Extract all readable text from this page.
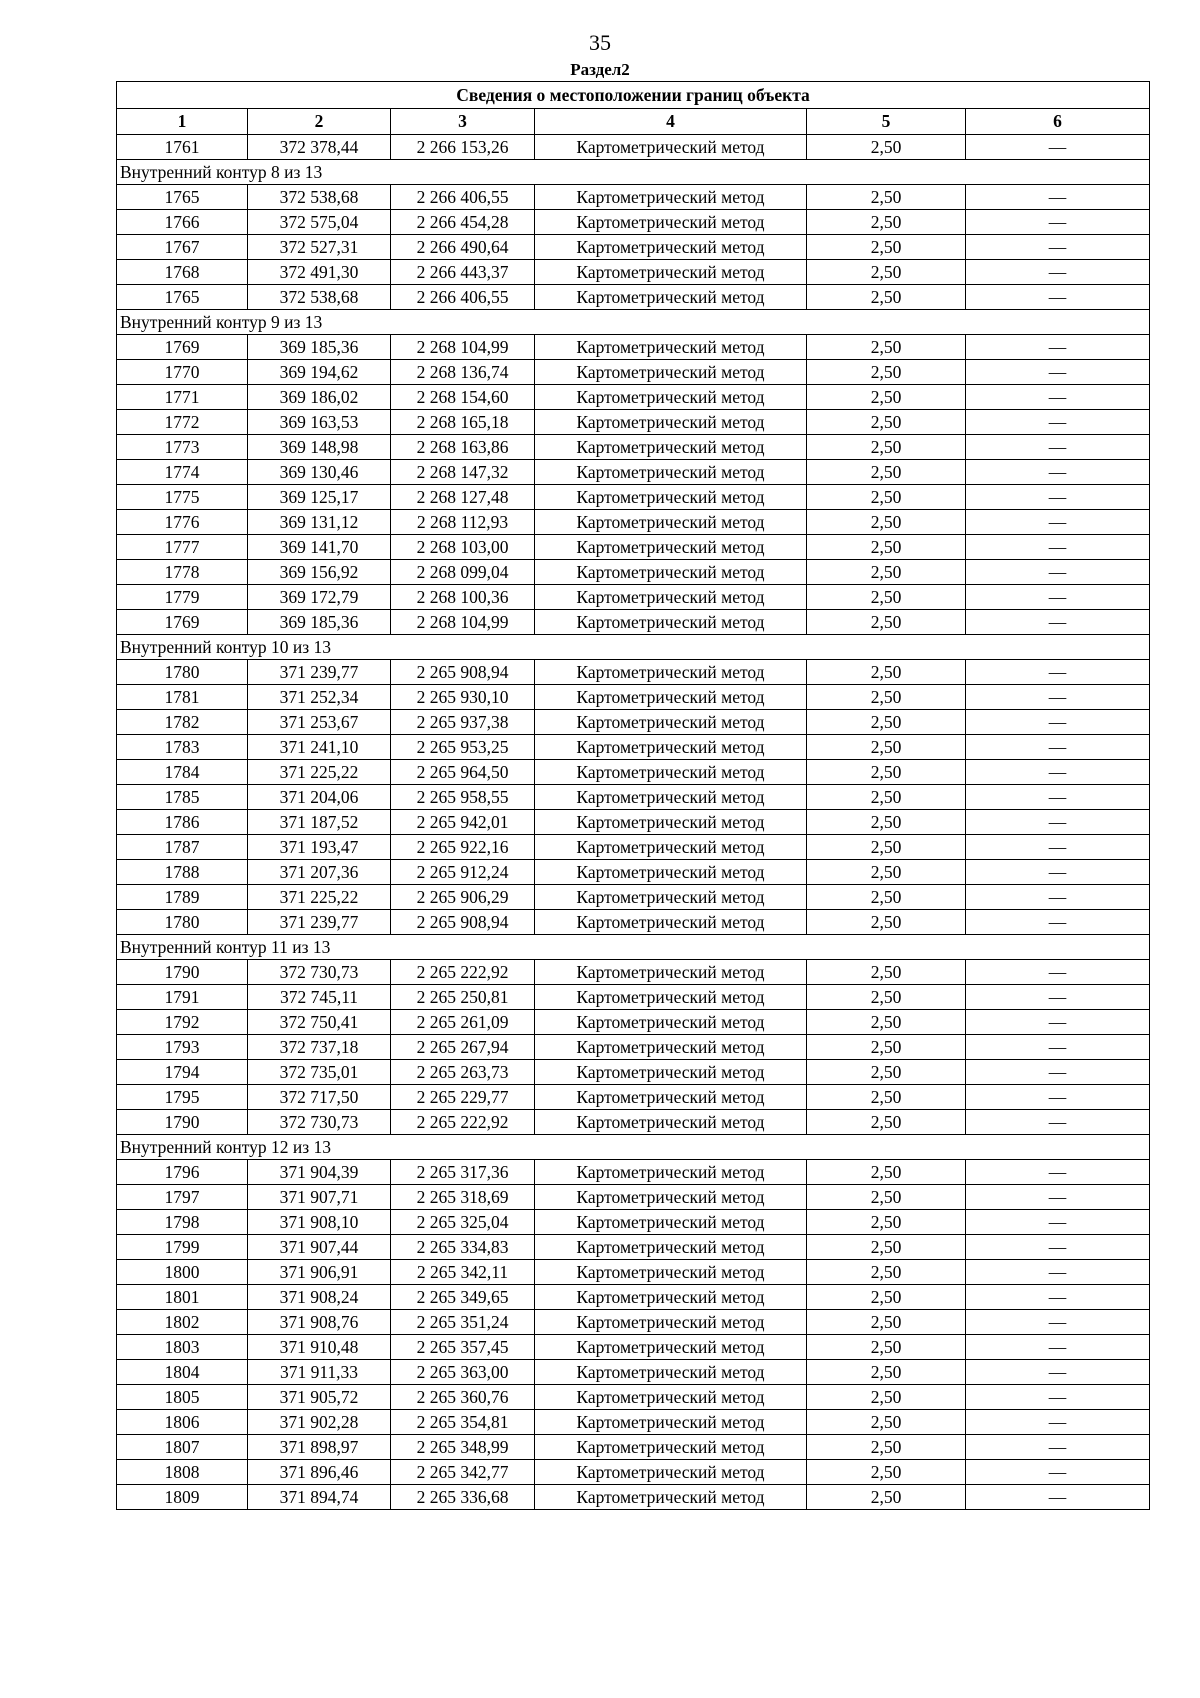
35
Раздел2
Сведения о местоположении границ объекта					
1	2	3	4	5	6
1761	372 378,44	2 266 153,26	Картометрический метод	2,50	—
Внутренний контур 8 из 13					
1765	372 538,68	2 266 406,55	Картометрический метод	2,50	—
1766	372 575,04	2 266 454,28	Картометрический метод	2,50	—
1767	372 527,31	2 266 490,64	Картометрический метод	2,50	—
1768	372 491,30	2 266 443,37	Картометрический метод	2,50	—
1765	372 538,68	2 266 406,55	Картометрический метод	2,50	—
Внутренний контур 9 из 13					
1769	369 185,36	2 268 104,99	Картометрический метод	2,50	—
1770	369 194,62	2 268 136,74	Картометрический метод	2,50	—
1771	369 186,02	2 268 154,60	Картометрический метод	2,50	—
1772	369 163,53	2 268 165,18	Картометрический метод	2,50	—
1773	369 148,98	2 268 163,86	Картометрический метод	2,50	—
1774	369 130,46	2 268 147,32	Картометрический метод	2,50	—
1775	369 125,17	2 268 127,48	Картометрический метод	2,50	—
1776	369 131,12	2 268 112,93	Картометрический метод	2,50	—
1777	369 141,70	2 268 103,00	Картометрический метод	2,50	—
1778	369 156,92	2 268 099,04	Картометрический метод	2,50	—
1779	369 172,79	2 268 100,36	Картометрический метод	2,50	—
1769	369 185,36	2 268 104,99	Картометрический метод	2,50	—
Внутренний контур 10 из 13					
1780	371 239,77	2 265 908,94	Картометрический метод	2,50	—
1781	371 252,34	2 265 930,10	Картометрический метод	2,50	—
1782	371 253,67	2 265 937,38	Картометрический метод	2,50	—
1783	371 241,10	2 265 953,25	Картометрический метод	2,50	—
1784	371 225,22	2 265 964,50	Картометрический метод	2,50	—
1785	371 204,06	2 265 958,55	Картометрический метод	2,50	—
1786	371 187,52	2 265 942,01	Картометрический метод	2,50	—
1787	371 193,47	2 265 922,16	Картометрический метод	2,50	—
1788	371 207,36	2 265 912,24	Картометрический метод	2,50	—
1789	371 225,22	2 265 906,29	Картометрический метод	2,50	—
1780	371 239,77	2 265 908,94	Картометрический метод	2,50	—
Внутренний контур 11 из 13					
1790	372 730,73	2 265 222,92	Картометрический метод	2,50	—
1791	372 745,11	2 265 250,81	Картометрический метод	2,50	—
1792	372 750,41	2 265 261,09	Картометрический метод	2,50	—
1793	372 737,18	2 265 267,94	Картометрический метод	2,50	—
1794	372 735,01	2 265 263,73	Картометрический метод	2,50	—
1795	372 717,50	2 265 229,77	Картометрический метод	2,50	—
1790	372 730,73	2 265 222,92	Картометрический метод	2,50	—
Внутренний контур 12 из 13					
1796	371 904,39	2 265 317,36	Картометрический метод	2,50	—
1797	371 907,71	2 265 318,69	Картометрический метод	2,50	—
1798	371 908,10	2 265 325,04	Картометрический метод	2,50	—
1799	371 907,44	2 265 334,83	Картометрический метод	2,50	—
1800	371 906,91	2 265 342,11	Картометрический метод	2,50	—
1801	371 908,24	2 265 349,65	Картометрический метод	2,50	—
1802	371 908,76	2 265 351,24	Картометрический метод	2,50	—
1803	371 910,48	2 265 357,45	Картометрический метод	2,50	—
1804	371 911,33	2 265 363,00	Картометрический метод	2,50	—
1805	371 905,72	2 265 360,76	Картометрический метод	2,50	—
1806	371 902,28	2 265 354,81	Картометрический метод	2,50	—
1807	371 898,97	2 265 348,99	Картометрический метод	2,50	—
1808	371 896,46	2 265 342,77	Картометрический метод	2,50	—
1809	371 894,74	2 265 336,68	Картометрический метод	2,50	—
